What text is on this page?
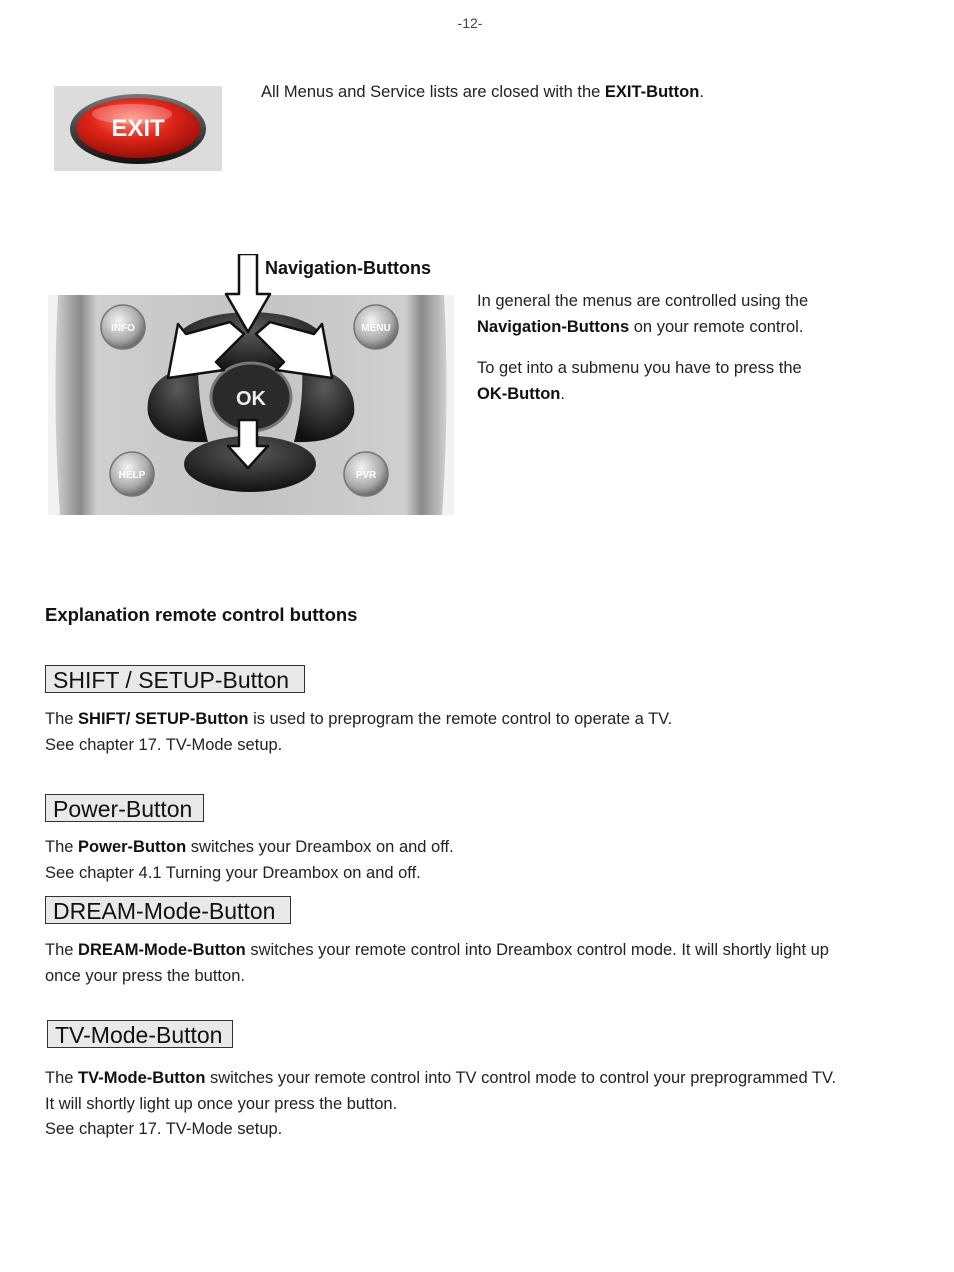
-12-
EXIT
All Menus and Service lists are closed with the EXIT-Button.
Navigation-Buttons
OK
INFO	MENU
HELP	PVR
In general the menus are controlled using the
Navigation-Buttons on your remote control.
To get into a submenu you have to press the
OK-Button.
Explanation remote control buttons
SHIFT / SETUP-Button
The SHIFT/ SETUP-Button is used to preprogram the remote control to operate a TV.
See chapter 17. TV-Mode setup.
Power-Button
The Power-Button switches your Dreambox on and off.
See chapter 4.1 Turning your Dreambox on and off.
DREAM-Mode-Button
The DREAM-Mode-Button switches your remote control into Dreambox control mode. It will shortly light up
once your press the button.
TV-Mode-Button
The TV-Mode-Button switches your remote control into TV control mode to control your preprogrammed TV.
It will shortly light up once your press the button.
See chapter 17. TV-Mode setup.
